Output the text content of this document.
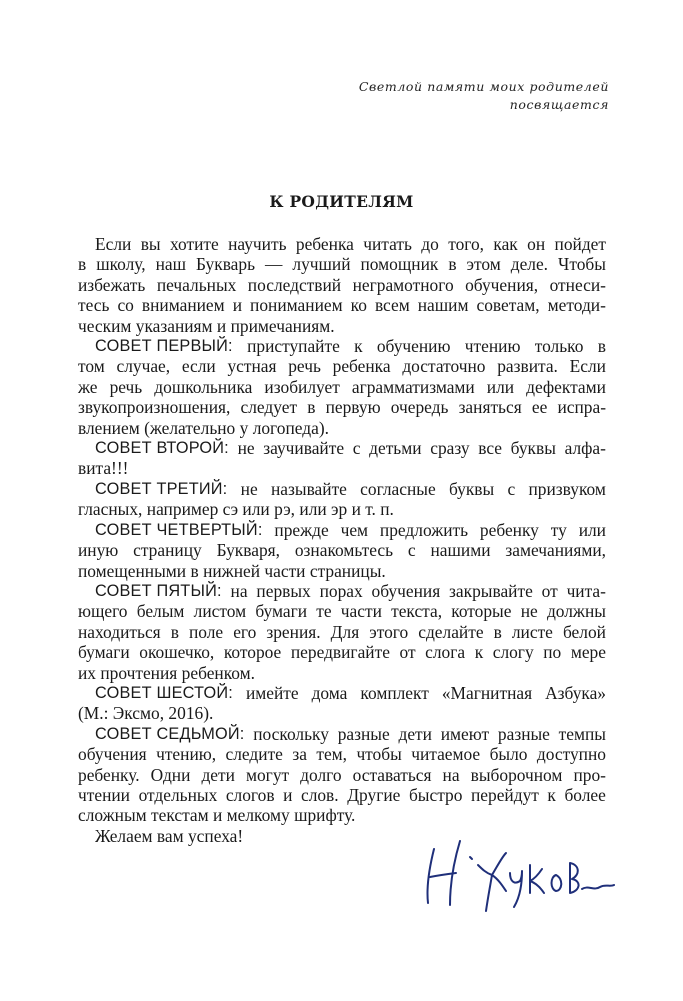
Светлой памяти моих родителей
посвящается
К РОДИТЕЛЯМ
Если вы хотите научить ребенка читать до того, как он пойдет
в школу, наш Букварь — лучший помощник в этом деле. Чтобы
избежать печальных последствий неграмотного обучения, отнеси-
тесь со вниманием и пониманием ко всем нашим советам, методи-
ческим
указаниям
и
примечаниям.
СОВЕТ ПЕРВЫЙ: приступайте к обучению чтению только в
том случае, если устная речь ребенка достаточно развита. Если
же речь дошкольника изобилует аграмматизмами или дефектами
звукопроизношения, следует в первую очередь заняться ее испра-
влением
(желательно
у
логопеда).
СОВЕТ ВТОРОЙ: не заучивайте с детьми сразу все буквы алфа-
вита!!!
СОВЕТ ТРЕТИЙ: не называйте согласные буквы с призвуком
гласных,
например
сэ
или
рэ,
или
эр
и
т.
п.
СОВЕТ ЧЕТВЕРТЫЙ: прежде чем предложить ребенку ту или
иную страницу Букваря, ознакомьтесь с нашими замечаниями,
помещенными
в
нижней
части
страницы.
СОВЕТ ПЯТЫЙ: на первых порах обучения закрывайте от чита-
ющего белым листом бумаги те части текста, которые не должны
находиться в поле его зрения. Для этого сделайте в листе белой
бумаги окошечко, которое передвигайте от слога к слогу по мере
их
прочтения
ребенком.
СОВЕТ ШЕСТОЙ: имейте дома комплект «Магнитная Азбука»
(М.:
Эксмо,
2016).
СОВЕТ СЕДЬМОЙ: поскольку разные дети имеют разные темпы
обучения чтению, следите за тем, чтобы читаемое было доступно
ребенку. Одни дети могут долго оставаться на выборочном про-
чтении отдельных слогов и слов. Другие быстро перейдут к более
сложным
текстам
и
мелкому
шрифту.
Желаем
вам
успеха!
